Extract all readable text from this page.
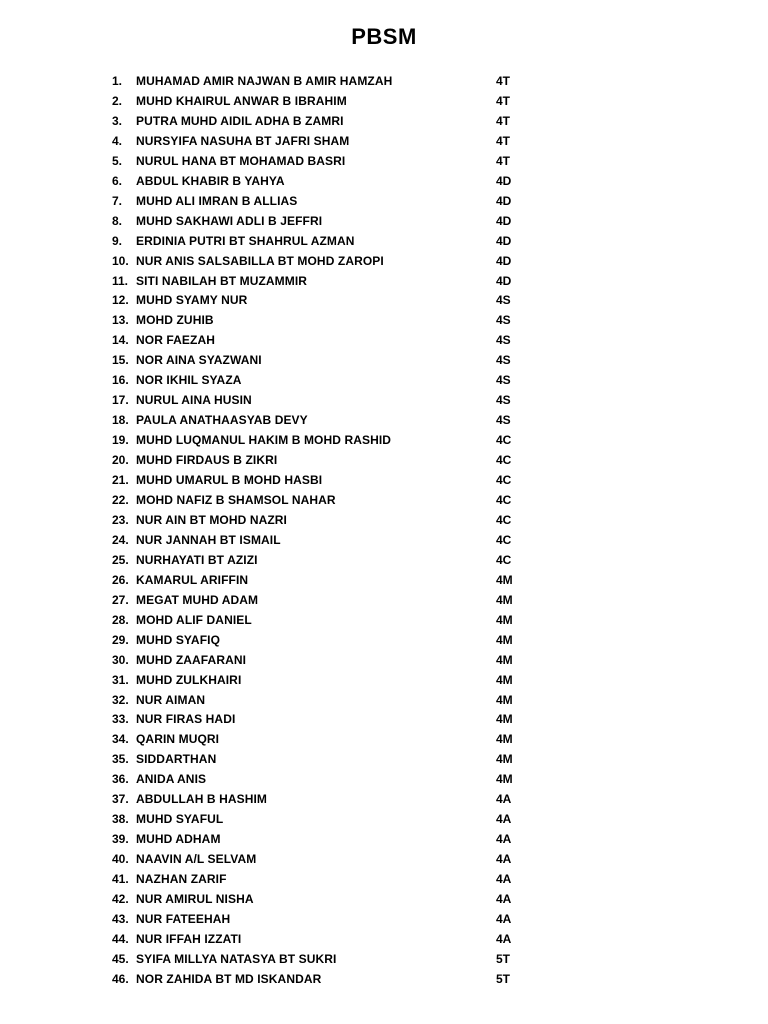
PBSM
1.	MUHAMAD AMIR NAJWAN B AMIR HAMZAH	4T
2.	MUHD KHAIRUL ANWAR B IBRAHIM	4T
3.	PUTRA MUHD AIDIL ADHA B ZAMRI	4T
4.	NURSYIFA NASUHA BT JAFRI SHAM	4T
5.	NURUL HANA BT MOHAMAD BASRI	4T
6.	ABDUL KHABIR B YAHYA	4D
7.	MUHD ALI IMRAN B ALLIAS	4D
8.	MUHD SAKHAWI ADLI B JEFFRI	4D
9.	ERDINIA PUTRI BT SHAHRUL AZMAN	4D
10. NUR ANIS SALSABILLA BT MOHD ZAROPI	4D
11. SITI NABILAH BT MUZAMMIR	4D
12. MUHD SYAMY NUR	4S
13. MOHD ZUHIB	4S
14. NOR FAEZAH	4S
15. NOR AINA SYAZWANI	4S
16. NOR IKHIL SYAZA	4S
17. NURUL AINA HUSIN	4S
18. PAULA ANATHAASYAB DEVY	4S
19. MUHD LUQMANUL HAKIM B MOHD RASHID	4C
20. MUHD FIRDAUS B ZIKRI	4C
21. MUHD UMARUL B MOHD HASBI	4C
22. MOHD NAFIZ B SHAMSOL NAHAR	4C
23. NUR AIN BT MOHD NAZRI	4C
24. NUR JANNAH BT ISMAIL	4C
25. NURHAYATI BT AZIZI	4C
26. KAMARUL ARIFFIN	4M
27. MEGAT MUHD ADAM	4M
28. MOHD ALIF DANIEL	4M
29. MUHD SYAFIQ	4M
30. MUHD ZAAFARANI	4M
31. MUHD ZULKHAIRI	4M
32. NUR AIMAN	4M
33. NUR FIRAS HADI	4M
34. QARIN MUQRI	4M
35. SIDDARTHAN	4M
36. ANIDA ANIS	4M
37. ABDULLAH B HASHIM	4A
38. MUHD SYAFUL	4A
39. MUHD ADHAM	4A
40. NAAVIN A/L SELVAM	4A
41. NAZHAN ZARIF	4A
42. NUR AMIRUL NISHA	4A
43. NUR FATEEHAH	4A
44. NUR IFFAH IZZATI	4A
45. SYIFA MILLYA NATASYA BT SUKRI	5T
46. NOR ZAHIDA BT MD ISKANDAR	5T
